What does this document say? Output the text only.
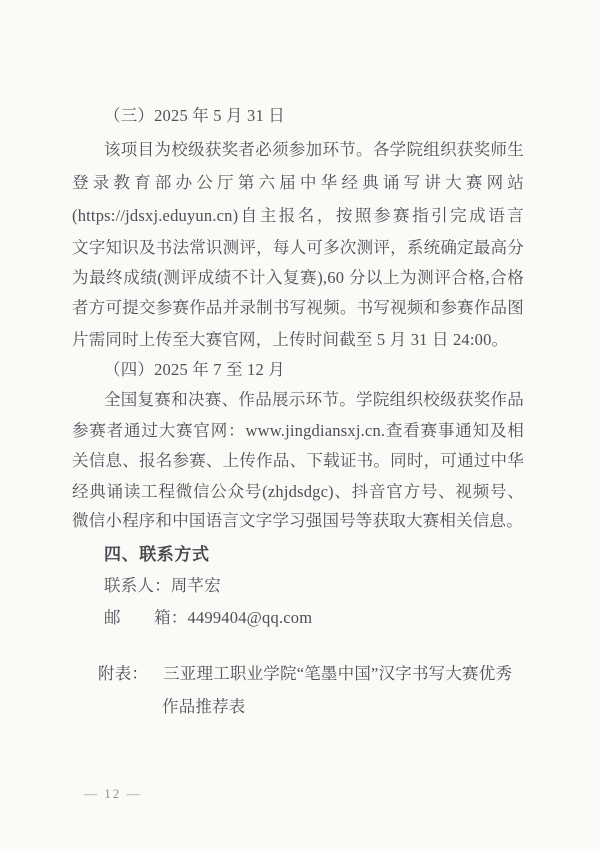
（三）2025 年 5 月 31 日
该项目为校级获奖者必须参加环节。各学院组织获奖师生
登录教育部办公厅第六届中华经典诵写讲大赛网站
(https://jdsxj.eduyun.cn)自主报名，按照参赛指引完成语言
文字知识及书法常识测评，每人可多次测评，系统确定最高分
为最终成绩(测评成绩不计入复赛),60 分以上为测评合格,合格
者方可提交参赛作品并录制书写视频。书写视频和参赛作品图
片需同时上传至大赛官网，上传时间截至 5 月 31 日 24:00。
（四）2025 年 7 至 12 月
全国复赛和决赛、作品展示环节。学院组织校级获奖作品
参赛者通过大赛官网：www.jingdiansxj.cn.查看赛事通知及相
关信息、报名参赛、上传作品、下载证书。同时，可通过中华
经典诵读工程微信公众号(zhjdsdgc)、抖音官方号、视频号、
微信小程序和中国语言文字学习强国号等获取大赛相关信息。
四、联系方式
联系人：周芊宏
邮　　箱：4499404@qq.com
附表： 三亚理工职业学院“笔墨中国”汉字书写大赛优秀
作品推荐表
— 12 —
